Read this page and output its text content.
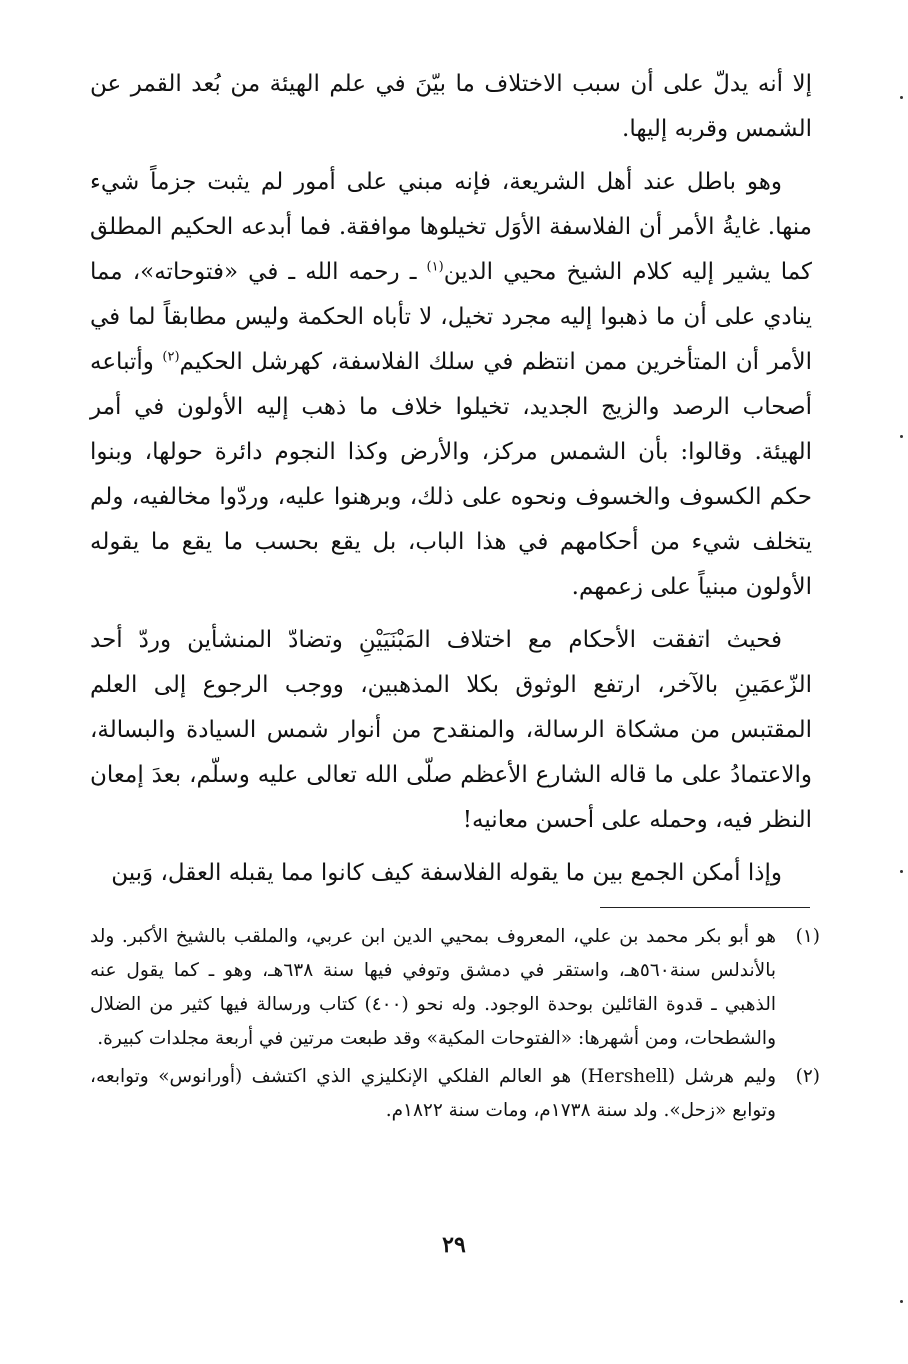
إلا أنه يدلّ على أن سبب الاختلاف ما بيّنَ في علم الهيئة من بُعد القمر عن الشمس وقربه إليها.

وهو باطل عند أهل الشريعة، فإنه مبني على أمور لم يثبت جزماً شيء منها. غايةُ الأمر أن الفلاسفة الأوَل تخيلوها موافقة. فما أبدعه الحكيم المطلق كما يشير إليه كلام الشيخ محيي الدين$^{(١)}$ ـ رحمه الله ـ في «فتوحاته»، مما ينادي على أن ما ذهبوا إليه مجرد تخيل، لا تأباه الحكمة وليس مطابقاً لما في الأمر أن المتأخرين ممن انتظم في سلك الفلاسفة، كهرشل الحكيم$^{(٢)}$ وأتباعه أصحاب الرصد والزيج الجديد، تخيلوا خلاف ما ذهب إليه الأولون في أمر الهيئة. وقالوا: بأن الشمس مركز، والأرض وكذا النجوم دائرة حولها، وبنوا حكم الكسوف والخسوف ونحوه على ذلك، وبرهنوا عليه، وردّوا مخالفيه، ولم يتخلف شيء من أحكامهم في هذا الباب، بل يقع بحسب ما يقع ما يقوله الأولون مبنياً على زعمهم.

فحيث اتفقت الأحكام مع اختلاف المَبْنَيَيْنِ وتضادّ المنشأين وردّ أحد الزّعمَينِ بالآخر، ارتفع الوثوق بكلا المذهبين، ووجب الرجوع إلى العلم المقتبس من مشكاة الرسالة، والمنقدح من أنوار شمس السيادة والبسالة، والاعتمادُ على ما قاله الشارع الأعظم صلّى الله تعالى عليه وسلّم، بعدَ إمعان النظر فيه، وحمله على أحسن معانيه!

وإذا أمكن الجمع بين ما يقوله الفلاسفة كيف كانوا مما يقبله العقل، وَبين

(١)
هو أبو بكر محمد بن علي، المعروف بمحيي الدين ابن عربي، والملقب بالشيخ الأكبر. ولد بالأندلس سنة٥٦٠هـ، واستقر في دمشق وتوفي فيها سنة ٦٣٨هـ، وهو ـ كما يقول عنه الذهبي ـ قدوة القائلين بوحدة الوجود. وله نحو (٤٠٠) كتاب ورسالة فيها كثير من الضلال والشطحات، ومن أشهرها: «الفتوحات المكية» وقد طبعت مرتين في أربعة مجلدات كبيرة.
(٢)
وليم هرشل (Hershell) هو العالم الفلكي الإنكليزي الذي اكتشف (أورانوس» وتوابعه، وتوابع «زحل». ولد سنة ١٧٣٨م، ومات سنة ١٨٢٢م.
٢٩
